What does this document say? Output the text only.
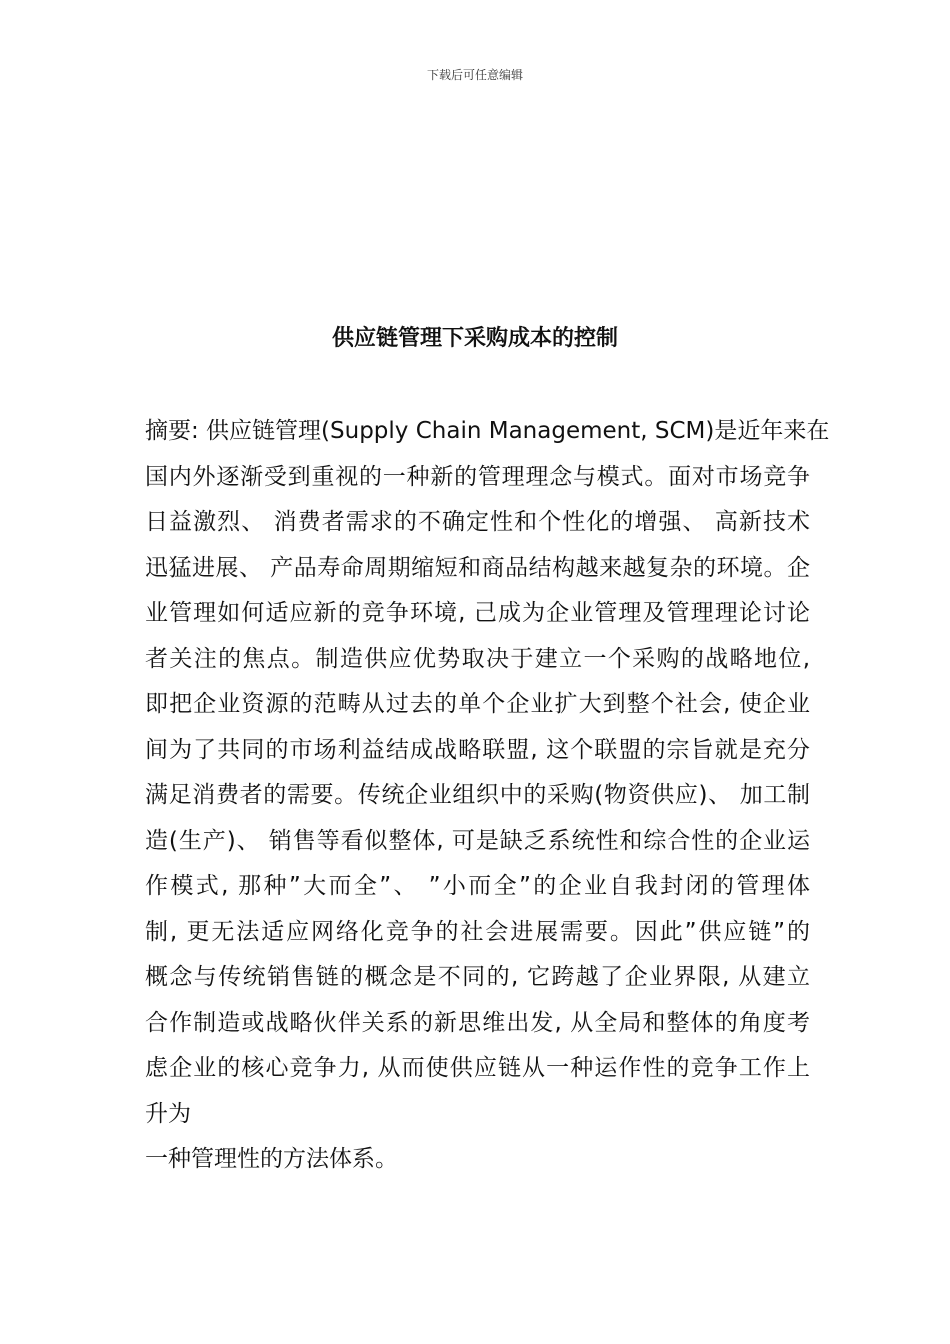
下载后可任意编辑
供应链管理下采购成本的控制
摘要: 供应链管理(Supply Chain Management, SCM)是近年来在
国内外逐渐受到重视的一种新的管理理念与模式。面对市场竞争
日益激烈、 消费者需求的不确定性和个性化的增强、 高新技术
迅猛进展、 产品寿命周期缩短和商品结构越来越复杂的环境。企
业管理如何适应新的竞争环境, 己成为企业管理及管理理论讨论
者关注的焦点。制造供应优势取决于建立一个采购的战略地位,
即把企业资源的范畴从过去的单个企业扩大到整个社会, 使企业
间为了共同的市场利益结成战略联盟, 这个联盟的宗旨就是充分
满足消费者的需要。传统企业组织中的采购(物资供应)、 加工制
造(生产)、 销售等看似整体, 可是缺乏系统性和综合性的企业运
作模式, 那种”大而全”、 ”小而全”的企业自我封闭的管理体
制, 更无法适应网络化竞争的社会进展需要。因此”供应链”的
概念与传统销售链的概念是不同的, 它跨越了企业界限, 从建立
合作制造或战略伙伴关系的新思维出发, 从全局和整体的角度考
虑企业的核心竞争力, 从而使供应链从一种运作性的竞争工作上
升为
一种管理性的方法体系。
